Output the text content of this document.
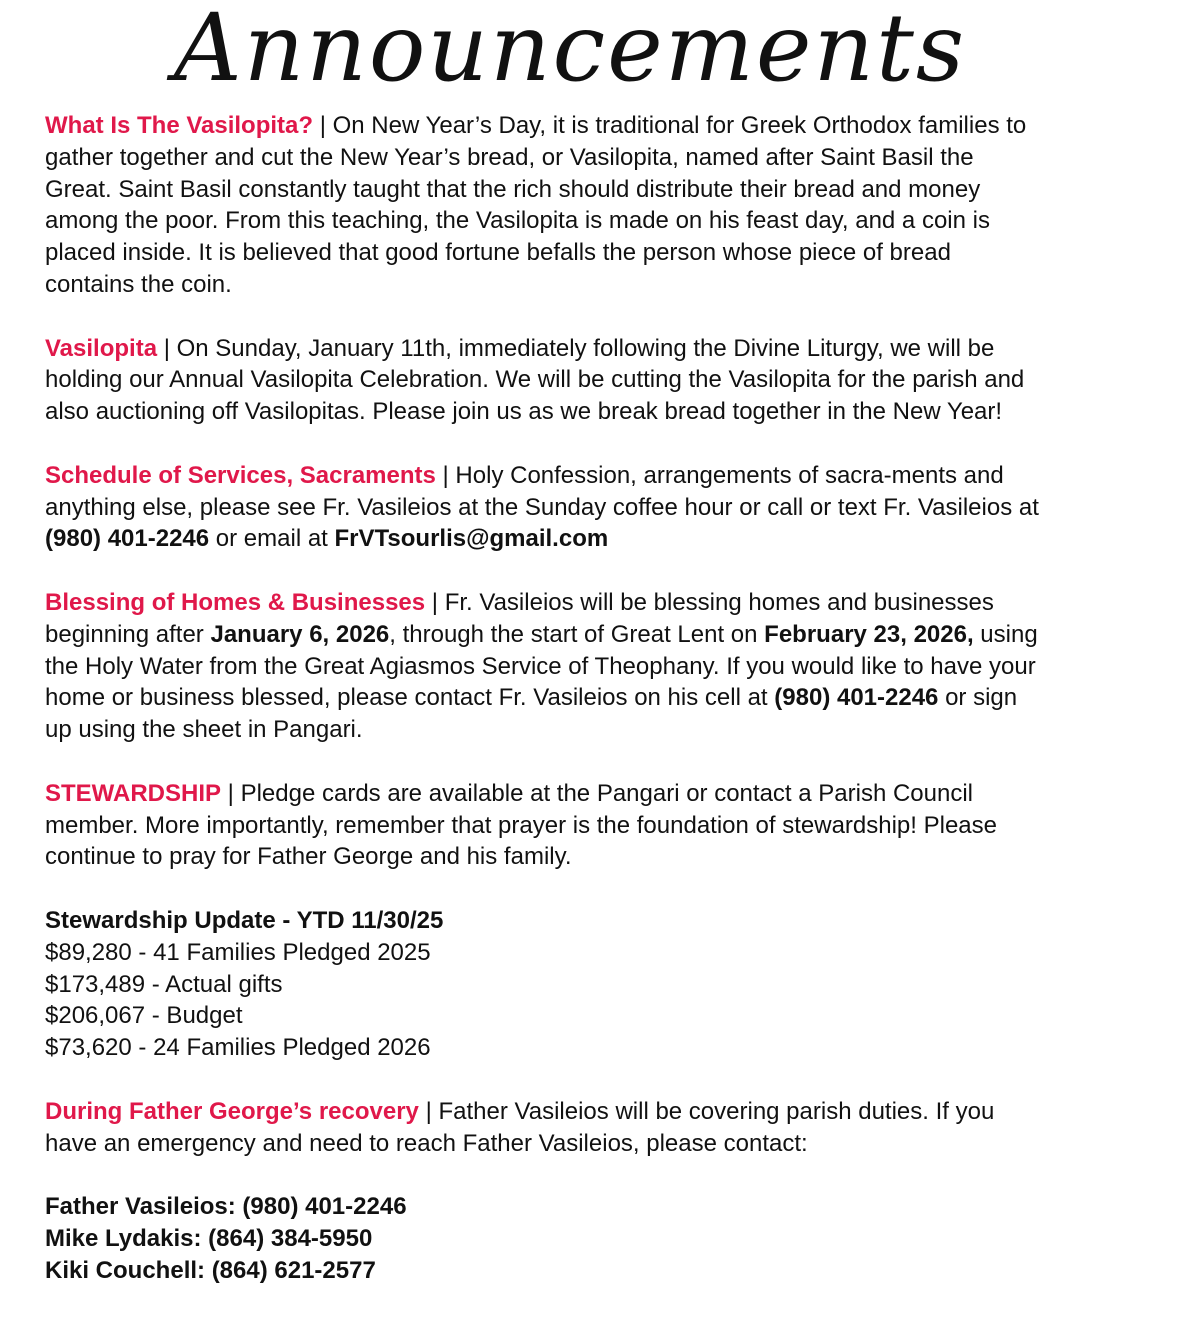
Announcements

What Is The Vasilopita? | On New Year’s Day, it is traditional for Greek Orthodox families to gather together and cut the New Year’s bread, or Vasilopita, named after Saint Basil the Great. Saint Basil constantly taught that the rich should distribute their bread and money among the poor. From this teaching, the Vasilopita is made on his feast day, and a coin is placed inside. It is believed that good fortune befalls the person whose piece of bread contains the coin.

Vasilopita | On Sunday, January 11th, immediately following the Divine Liturgy, we will be holding our Annual Vasilopita Celebration. We will be cutting the Vasilopita for the parish and also auctioning off Vasilopitas. Please join us as we break bread together in the New Year!

Schedule of Services, Sacraments | Holy Confession, arrangements of sacra-ments and anything else, please see Fr. Vasileios at the Sunday coffee hour or call or text Fr. Vasileios at (980) 401-2246 or email at FrVTsourlis@gmail.com

Blessing of Homes & Businesses | Fr. Vasileios will be blessing homes and businesses beginning after January 6, 2026, through the start of Great Lent on February 23, 2026, using the Holy Water from the Great Agiasmos Service of Theophany. If you would like to have your home or business blessed, please contact Fr. Vasileios on his cell at (980) 401-2246 or sign up using the sheet in Pangari.

STEWARDSHIP | Pledge cards are available at the Pangari or contact a Parish Council member. More importantly, remember that prayer is the foundation of stewardship! Please continue to pray for Father George and his family.

Stewardship Update - YTD 11/30/25
$89,280 - 41 Families Pledged 2025
$173,489 - Actual gifts
$206,067 - Budget
$73,620 - 24 Families Pledged 2026

During Father George’s recovery | Father Vasileios will be covering parish duties. If you have an emergency and need to reach Father Vasileios, please contact:

Father Vasileios: (980) 401-2246
Mike Lydakis: (864) 384-5950
Kiki Couchell: (864) 621-2577
